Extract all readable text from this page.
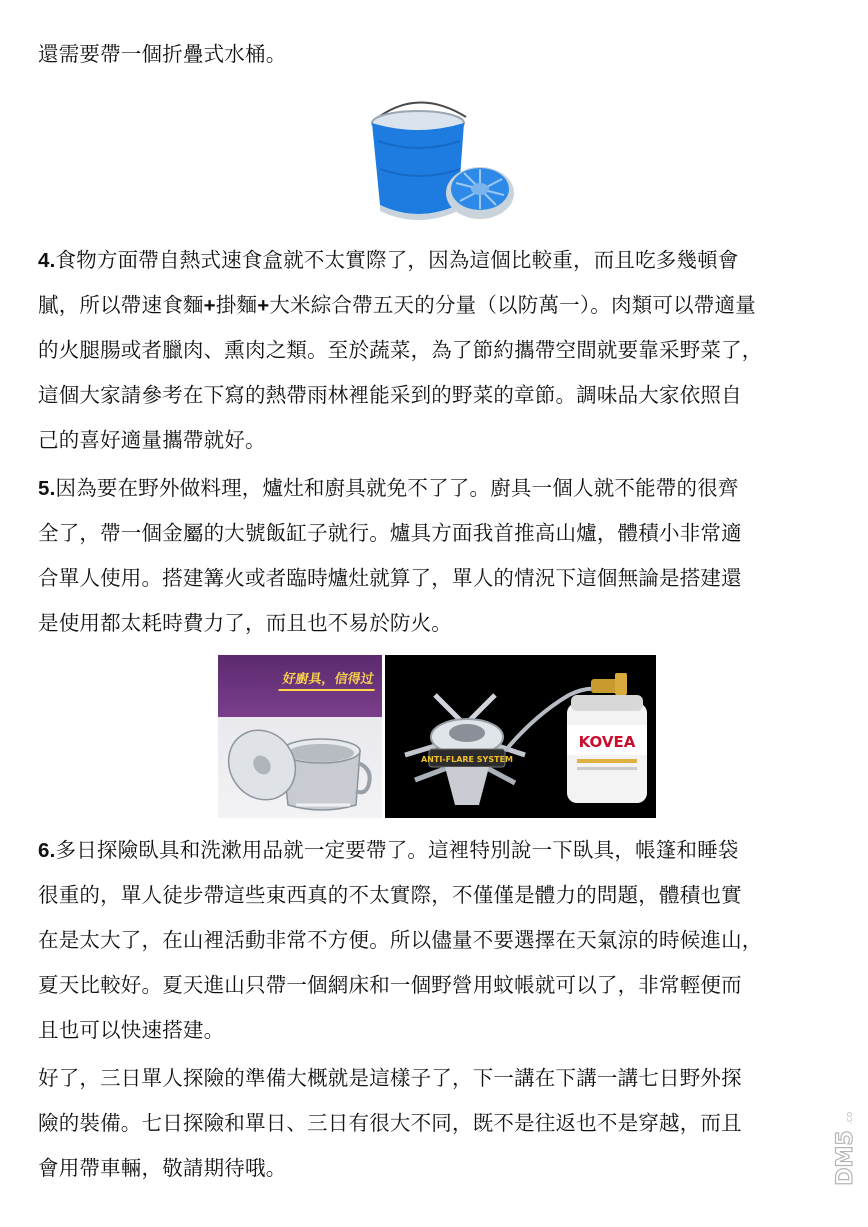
還需要帶一個折疊式水桶。
4.食物方面帶自熱式速食盒就不太實際了，因為這個比較重，而且吃多幾頓會
膩，所以帶速食麵+掛麵+大米綜合帶五天的分量（以防萬一）。肉類可以帶適量
的火腿腸或者臘肉、熏肉之類。至於蔬菜，為了節約攜帶空間就要靠采野菜了，
這個大家請參考在下寫的熱帶雨林裡能采到的野菜的章節。調味品大家依照自
己的喜好適量攜帶就好。
5.因為要在野外做料理，爐灶和廚具就免不了了。廚具一個人就不能帶的很齊
全了，帶一個金屬的大號飯缸子就行。爐具方面我首推高山爐，體積小非常適
合單人使用。搭建篝火或者臨時爐灶就算了，單人的情況下這個無論是搭建還
是使用都太耗時費力了，而且也不易於防火。
好廚具，信得过
ANTI-FLARE SYSTEM
KOVEA
6.多日探險臥具和洗漱用品就一定要帶了。這裡特別說一下臥具，帳篷和睡袋
很重的，單人徒步帶這些東西真的不太實際，不僅僅是體力的問題，體積也實
在是太大了，在山裡活動非常不方便。所以儘量不要選擇在天氣涼的時候進山，
夏天比較好。夏天進山只帶一個網床和一個野營用蚊帳就可以了，非常輕便而
且也可以快速搭建。
好了，三日單人探險的準備大概就是這樣子了，下一講在下講一講七日野外探
險的裝備。七日探險和單日、三日有很大不同，既不是往返也不是穿越，而且
會用帶車輛，敬請期待哦。	DM5
.com
